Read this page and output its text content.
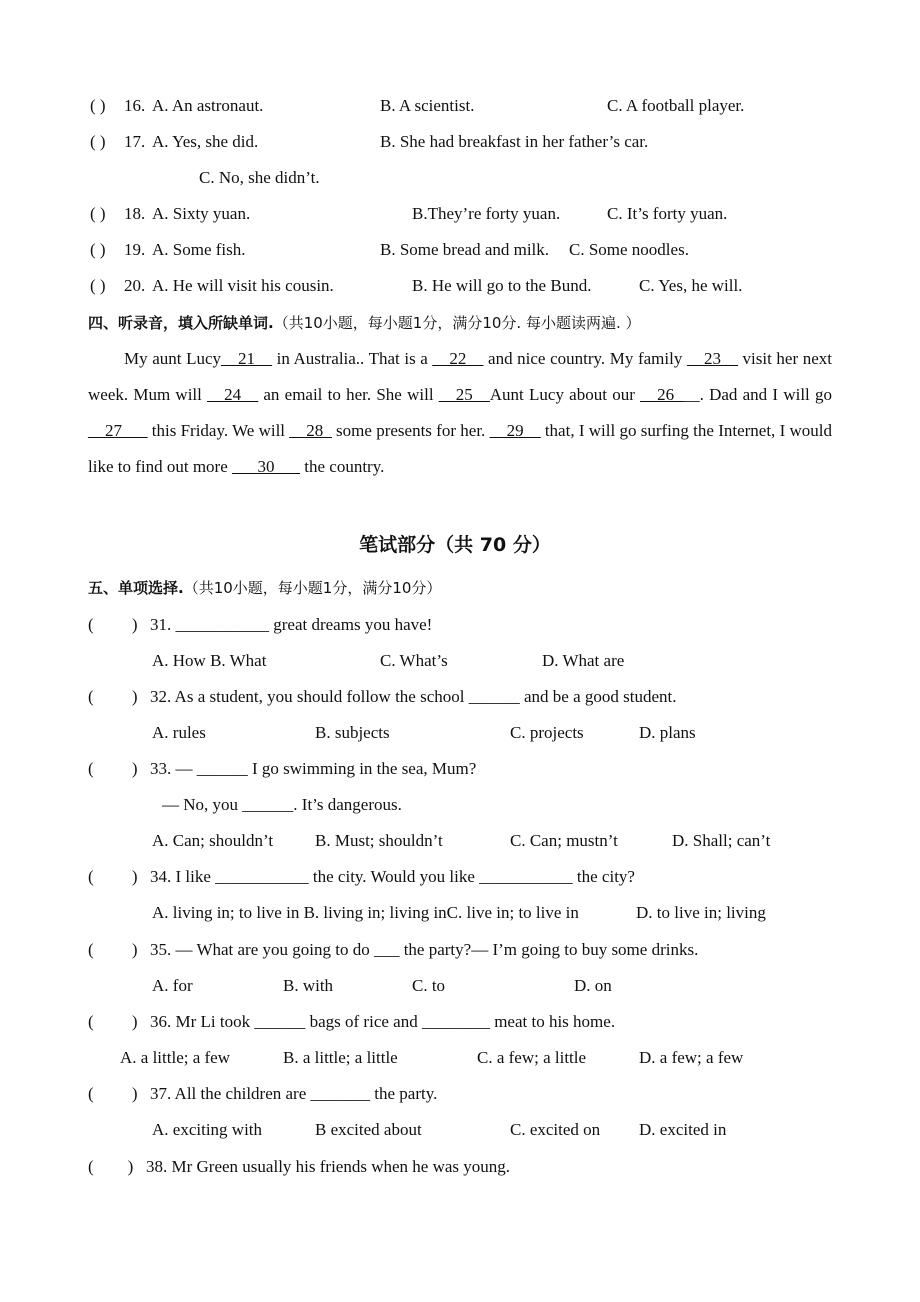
( ) 16. A. An astronaut.	B. A scientist.	C. A football player.
( ) 17. A. Yes, she did.	B. She had breakfast in her father’s car.
C. No, she didn’t.
( ) 18. A. Sixty yuan.	B.They’re forty yuan.	C. It’s forty yuan.
( ) 19. A. Some fish.	B. Some bread and milk. C. Some noodles.
( ) 20. A. He will visit his cousin.	B. He will go to the Bund.	C. Yes, he will.
四、听录音，填入所缺单词.（共10小题，每小题1分，满分10分. 每小题读两遍. ）
My aunt Lucy__21__ in Australia.. That is a __22__ and nice country. My family __23__ visit her next week. Mum will __24__ an email to her. She will __25__Aunt Lucy about our __26___. Dad and I will go __27___ this Friday. We will __28_ some presents for her. __29__ that, I will go surfing the Internet, I would like to find out more ___30___ the country.
笔试部分（共 70 分）
五、单项选择.（共10小题，每小题1分，满分10分）
(         ) 31. ___________ great dreams you have!
A. How B. What	C. What’s	D. What are
(         ) 32. As a student, you should follow the school ______ and be a good student.
A. rules	B. subjects	C. projects	D. plans
(         ) 33. — ______ I go swimming in the sea, Mum?
— No, you ______. It’s dangerous.
A. Can; shouldn’t B. Must; shouldn’t	C. Can; mustn’t	D. Shall; can’t
(         ) 34. I like ___________ the city. Would you like ___________ the city?
A. living in; to live in B. living in; living inC. live in; to live in	D. to live in; living
(         ) 35. — What are you going to do ___ the party?— I’m going to buy some drinks.
A. for	B. with	C. to	D. on
(         ) 36. Mr Li took ______ bags of rice and ________ meat to his home.
A. a little; a few	B. a little; a little	C. a few; a little	D. a few; a few
(         ) 37. All the children are _______ the party.
A. exciting with	B excited about	C. excited on D. excited in
(        ) 38. Mr Green usually his friends when he was young.
